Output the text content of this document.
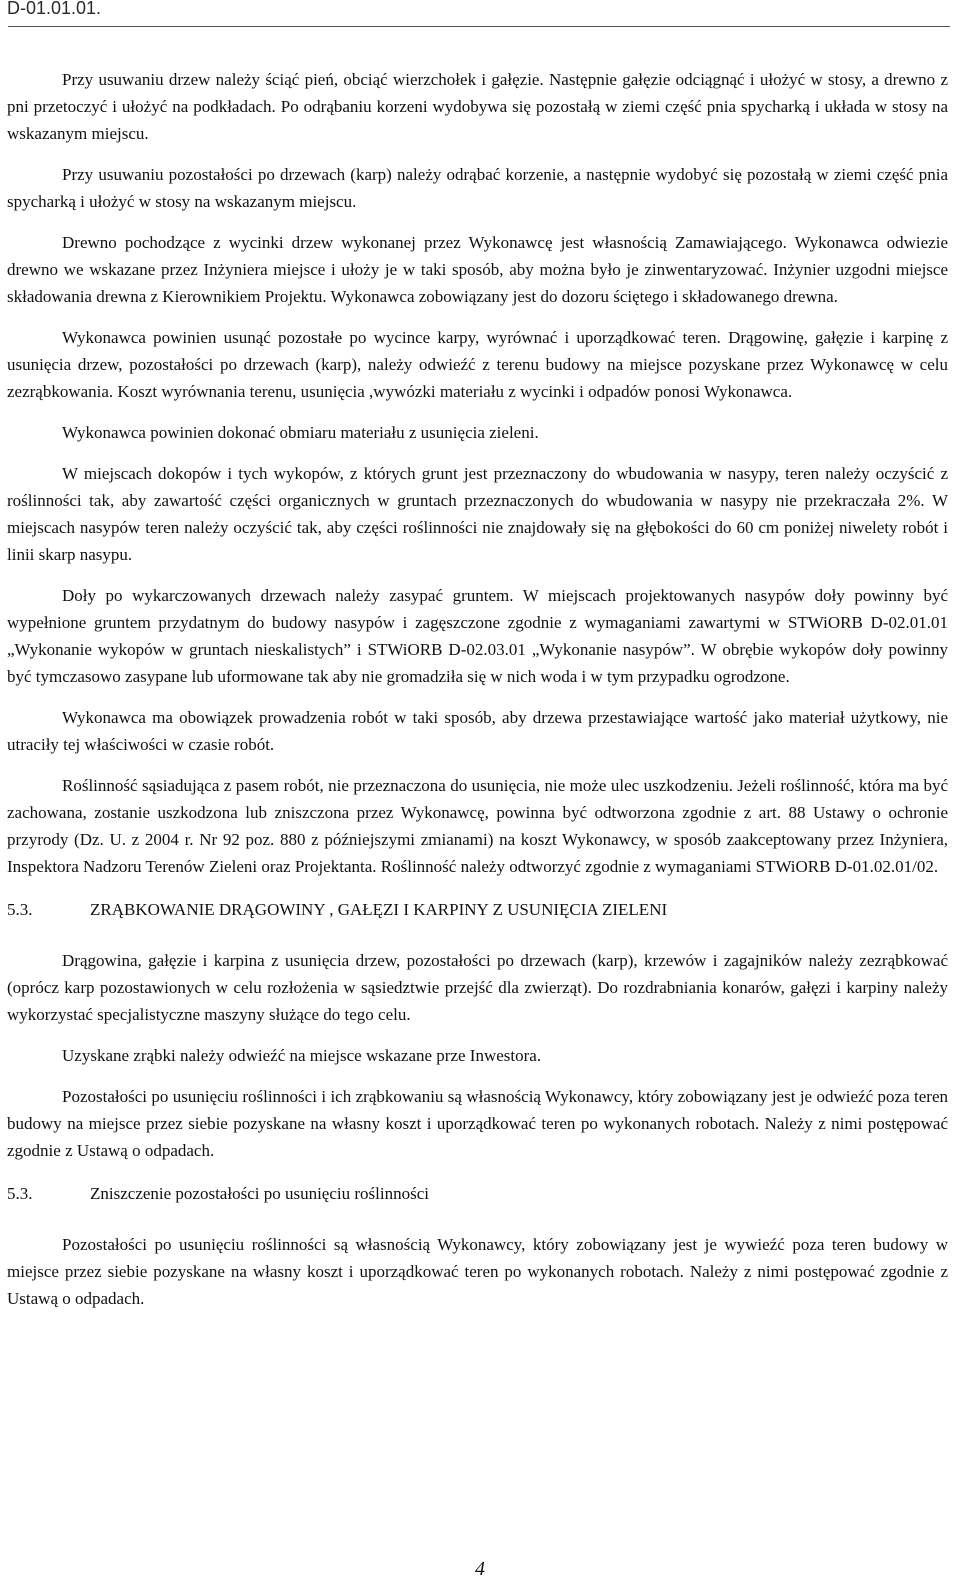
D-01.01.01.

Przy usuwaniu drzew należy ściąć pień, obciąć wierzchołek i gałęzie. Następnie gałęzie odciągnąć i ułożyć w stosy, a drewno z pni przetoczyć i ułożyć na podkładach. Po odrąbaniu korzeni wydobywa się pozostałą w ziemi część pnia spycharką i układa w stosy na wskazanym miejscu.

Przy usuwaniu pozostałości po drzewach (karp) należy odrąbać korzenie, a następnie wydobyć się pozostałą w ziemi część pnia spycharką i ułożyć w stosy na wskazanym miejscu.

Drewno pochodzące z wycinki drzew wykonanej przez Wykonawcę jest własnością Zamawiającego. Wykonawca odwiezie drewno we wskazane przez Inżyniera miejsce i ułoży je w taki sposób, aby można było je zinwentaryzować. Inżynier uzgodni miejsce składowania drewna z Kierownikiem Projektu. Wykonawca zobowiązany jest do dozoru ściętego i składowanego drewna.

Wykonawca powinien usunąć pozostałe po wycince karpy, wyrównać i uporządkować teren. Drągowinę, gałęzie i karpinę z usunięcia drzew, pozostałości po drzewach (karp), należy odwieźć z terenu budowy na miejsce pozyskane przez Wykonawcę w celu zezrąbkowania. Koszt wyrównania terenu, usunięcia ,wywózki materiału z wycinki i odpadów ponosi Wykonawca.

Wykonawca powinien dokonać obmiaru materiału z usunięcia zieleni.

W miejscach dokopów i tych wykopów, z których grunt jest przeznaczony do wbudowania w nasypy, teren należy oczyścić z roślinności tak, aby zawartość części organicznych w gruntach przeznaczonych do wbudowania w nasypy nie przekraczała 2%. W miejscach nasypów teren należy oczyścić tak, aby części roślinności nie znajdowały się na głębokości do 60 cm poniżej niwelety robót i linii skarp nasypu.

Doły po wykarczowanych drzewach należy zasypać gruntem. W miejscach projektowanych nasypów doły powinny być wypełnione gruntem przydatnym do budowy nasypów i zagęszczone zgodnie z wymaganiami zawartymi w STWiORB D-02.01.01 „Wykonanie wykopów w gruntach nieskalistych” i STWiORB D-02.03.01 „Wykonanie nasypów”. W obrębie wykopów doły powinny być tymczasowo zasypane lub uformowane tak aby nie gromadziła się w nich woda i w tym przypadku ogrodzone.

Wykonawca ma obowiązek prowadzenia robót w taki sposób, aby drzewa przestawiające wartość jako materiał użytkowy, nie utraciły tej właściwości w czasie robót.

Roślinność sąsiadująca z pasem robót, nie przeznaczona do usunięcia, nie może ulec uszkodzeniu. Jeżeli roślinność, która ma być zachowana, zostanie uszkodzona lub zniszczona przez Wykonawcę, powinna być odtworzona zgodnie z art. 88 Ustawy o ochronie przyrody (Dz. U. z 2004 r. Nr 92 poz. 880 z późniejszymi zmianami) na koszt Wykonawcy, w sposób zaakceptowany przez Inżyniera, Inspektora Nadzoru Terenów Zieleni oraz Projektanta. Roślinność należy odtworzyć zgodnie z wymaganiami STWiORB D-01.02.01/02.

5.3.	ZRĄBKOWANIE DRĄGOWINY , GAŁĘZI I KARPINY Z USUNIĘCIA ZIELENI

Drągowina, gałęzie i karpina z usunięcia drzew, pozostałości po drzewach (karp), krzewów i zagajników należy zezrąbkować (oprócz karp pozostawionych w celu rozłożenia w sąsiedztwie przejść dla zwierząt). Do rozdrabniania konarów, gałęzi i karpiny należy wykorzystać specjalistyczne maszyny służące do tego celu.

Uzyskane zrąbki należy odwieźć na miejsce wskazane prze Inwestora.

Pozostałości po usunięciu roślinności i ich zrąbkowaniu są własnością Wykonawcy, który zobowiązany jest je odwieźć poza teren budowy na miejsce przez siebie pozyskane na własny koszt i uporządkować teren po wykonanych robotach. Należy z nimi postępować zgodnie z Ustawą o odpadach.

5.3.	Zniszczenie pozostałości po usunięciu roślinności

Pozostałości po usunięciu roślinności są własnością Wykonawcy, który zobowiązany jest je wywieźć poza teren budowy w miejsce przez siebie pozyskane na własny koszt i uporządkować teren po wykonanych robotach. Należy z nimi postępować zgodnie z Ustawą o odpadach.

4
